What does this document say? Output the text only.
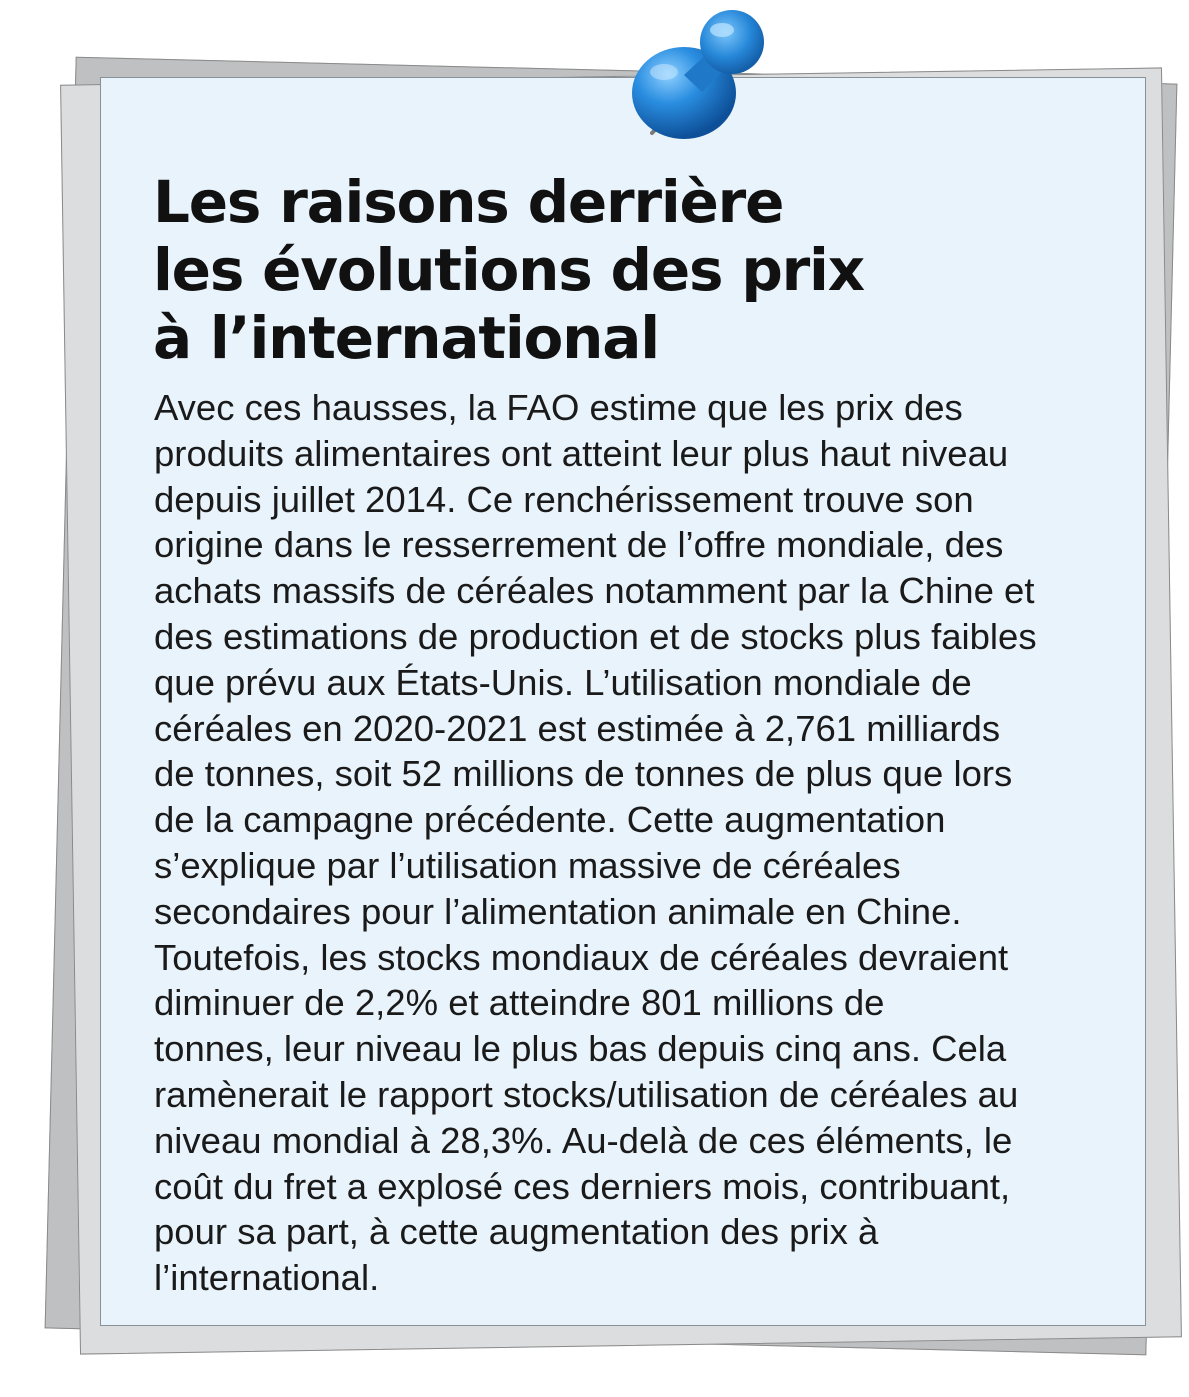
Les raisons derrière
les évolutions des prix
à l’international

Avec ces hausses, la FAO estime que les prix des
produits alimentaires ont atteint leur plus haut niveau
depuis juillet 2014. Ce renchérissement trouve son
origine dans le resserrement de l’offre mondiale, des
achats massifs de céréales notamment par la Chine et
des estimations de production et de stocks plus faibles
que prévu aux États-Unis. L’utilisation mondiale de
céréales en 2020-2021 est estimée à 2,761 milliards
de tonnes, soit 52 millions de tonnes de plus que lors
de la campagne précédente. Cette augmentation
s’explique par l’utilisation massive de céréales
secondaires pour l’alimentation animale en Chine.
Toutefois, les stocks mondiaux de céréales devraient
diminuer de 2,2% et atteindre 801 millions de
tonnes, leur niveau le plus bas depuis cinq ans. Cela
ramènerait le rapport stocks/utilisation de céréales au
niveau mondial à 28,3%. Au-delà de ces éléments, le
coût du fret a explosé ces derniers mois, contribuant,
pour sa part, à cette augmentation des prix à
l’international.
